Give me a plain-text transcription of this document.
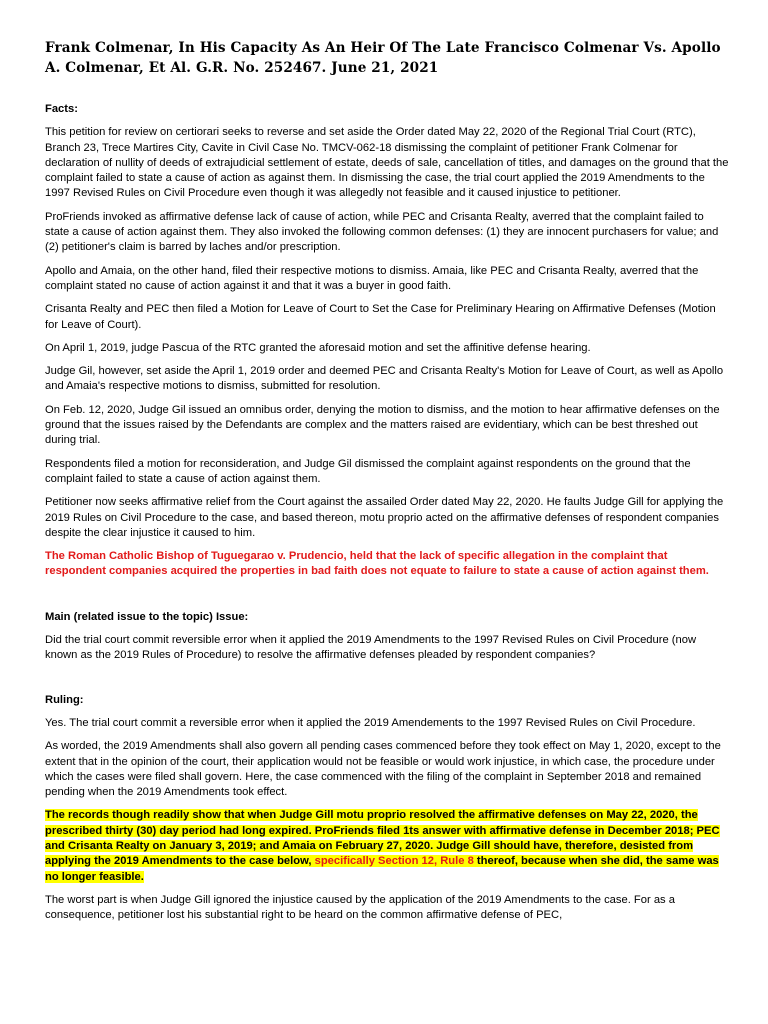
Frank Colmenar, In His Capacity As An Heir Of The Late Francisco Colmenar Vs. Apollo A. Colmenar, Et Al. G.R. No. 252467. June 21, 2021

Facts:

This petition for review on certiorari seeks to reverse and set aside the Order dated May 22, 2020 of the Regional Trial Court (RTC), Branch 23, Trece Martires City, Cavite in Civil Case No. TMCV-062-18 dismissing the complaint of petitioner Frank Colmenar for declaration of nullity of deeds of extrajudicial settlement of estate, deeds of sale, cancellation of titles, and damages on the ground that the complaint failed to state a cause of action as against them. In dismissing the case, the trial court applied the 2019 Amendments to the 1997 Revised Rules on Civil Procedure even though it was allegedly not feasible and it caused injustice to petitioner.

ProFriends invoked as affirmative defense lack of cause of action, while PEC and Crisanta Realty, averred that the complaint failed to state a cause of action against them. They also invoked the following common defenses: (1) they are innocent purchasers for value; and (2) petitioner's claim is barred by laches and/or prescription.

Apollo and Amaia, on the other hand, filed their respective motions to dismiss. Amaia, like PEC and Crisanta Realty, averred that the complaint stated no cause of action against it and that it was a buyer in good faith.

Crisanta Realty and PEC then filed a Motion for Leave of Court to Set the Case for Preliminary Hearing on Affirmative Defenses (Motion for Leave of Court).

On April 1, 2019, judge Pascua of the RTC granted the aforesaid motion and set the affinitive defense hearing.

Judge Gil, however, set aside the April 1, 2019 order and deemed PEC and Crisanta Realty's Motion for Leave of Court, as well as Apollo and Amaia's respective motions to dismiss, submitted for resolution.

On Feb. 12, 2020, Judge Gil issued an omnibus order, denying the motion to dismiss, and the motion to hear affirmative defenses on the ground that the issues raised by the Defendants are complex and the matters raised are evidentiary, which can be best threshed out during trial.

Respondents filed a motion for reconsideration, and Judge Gil dismissed the complaint against respondents on the ground that the complaint failed to state a cause of action against them.

Petitioner now seeks affirmative relief from the Court against the assailed Order dated May 22, 2020. He faults Judge Gill for applying the 2019 Rules on Civil Procedure to the case, and based thereon, motu proprio acted on the affirmative defenses of respondent companies despite the clear injustice it caused to him.

The Roman Catholic Bishop of Tuguegarao v. Prudencio, held that the lack of specific allegation in the complaint that respondent companies acquired the properties in bad faith does not equate to failure to state a cause of action against them.

Main (related issue to the topic) Issue:

Did the trial court commit reversible error when it applied the 2019 Amendments to the 1997 Revised Rules on Civil Procedure (now known as the 2019 Rules of Procedure) to resolve the affirmative defenses pleaded by respondent companies?

Ruling:

Yes. The trial court commit a reversible error when it applied the 2019 Amendements to the 1997 Revised Rules on Civil Procedure.

As worded, the 2019 Amendments shall also govern all pending cases commenced before they took effect on May 1, 2020, except to the extent that in the opinion of the court, their application would not be feasible or would work injustice, in which case, the procedure under which the cases were filed shall govern. Here, the case commenced with the filing of the complaint in September 2018 and remained pending when the 2019 Amendments took effect.

The records though readily show that when Judge Gill motu proprio resolved the affirmative defenses on May 22, 2020, the prescribed thirty (30) day period had long expired. ProFriends filed 1ts answer with affirmative defense in December 2018; PEC and Crisanta Realty on January 3, 2019; and Amaia on February 27, 2020. Judge Gill should have, therefore, desisted from applying the 2019 Amendments to the case below, specifically Section 12, Rule 8 thereof, because when she did, the same was no longer feasible.

The worst part is when Judge Gill ignored the injustice caused by the application of the 2019 Amendments to the case. For as a consequence, petitioner lost his substantial right to be heard on the common affirmative defense of PEC,
